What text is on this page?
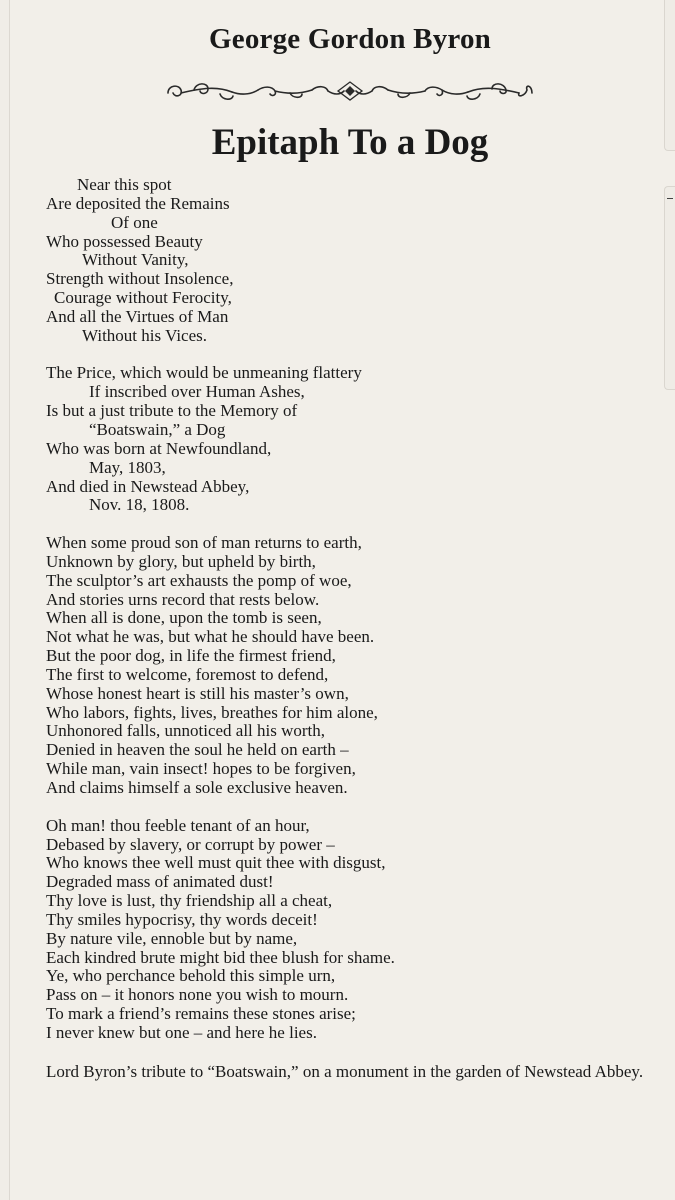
George Gordon Byron
Epitaph To a Dog
Near this spot
Are deposited the Remains
Of one
Who possessed Beauty
Without Vanity,
Strength without Insolence,
Courage without Ferocity,
And all the Virtues of Man
Without his Vices.
The Price, which would be unmeaning flattery
If inscribed over Human Ashes,
Is but a just tribute to the Memory of
“Boatswain,” a Dog
Who was born at Newfoundland,
May, 1803,
And died in Newstead Abbey,
Nov. 18, 1808.
When some proud son of man returns to earth,
Unknown by glory, but upheld by birth,
The sculptor’s art exhausts the pomp of woe,
And stories urns record that rests below.
When all is done, upon the tomb is seen,
Not what he was, but what he should have been.
But the poor dog, in life the firmest friend,
The first to welcome, foremost to defend,
Whose honest heart is still his master’s own,
Who labors, fights, lives, breathes for him alone,
Unhonored falls, unnoticed all his worth,
Denied in heaven the soul he held on earth –
While man, vain insect! hopes to be forgiven,
And claims himself a sole exclusive heaven.
Oh man! thou feeble tenant of an hour,
Debased by slavery, or corrupt by power –
Who knows thee well must quit thee with disgust,
Degraded mass of animated dust!
Thy love is lust, thy friendship all a cheat,
Thy smiles hypocrisy, thy words deceit!
By nature vile, ennoble but by name,
Each kindred brute might bid thee blush for shame.
Ye, who perchance behold this simple urn,
Pass on – it honors none you wish to mourn.
To mark a friend’s remains these stones arise;
I never knew but one – and here he lies.
Lord Byron’s tribute to “Boatswain,” on a monument in the garden of Newstead Abbey.
